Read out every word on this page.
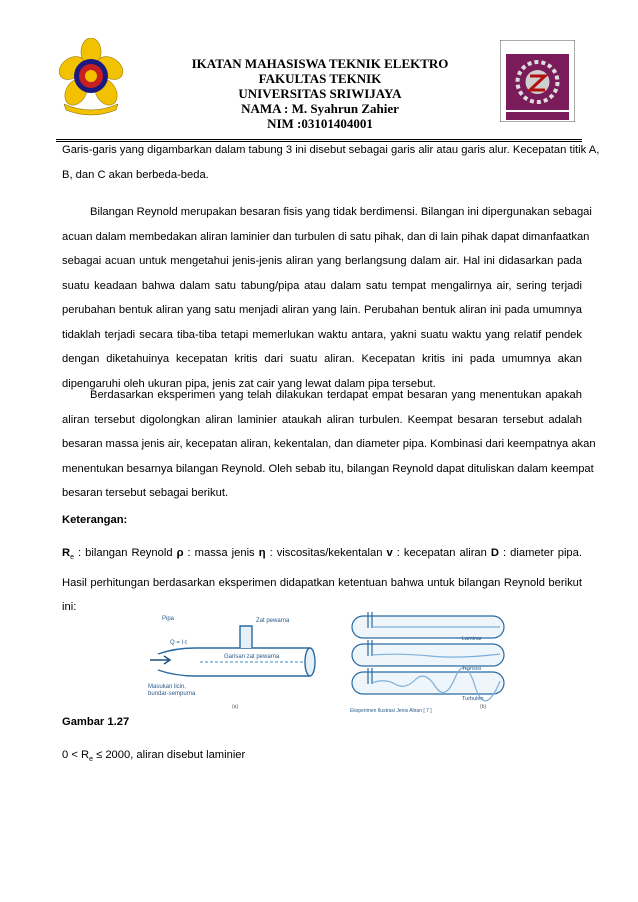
IKATAN MAHASISWA TEKNIK ELEKTRO
FAKULTAS TEKNIK
UNIVERSITAS SRIWIJAYA
NAMA : M. Syahrun Zahier
NIM :03101404001
Garis-garis yang digambarkan dalam tabung 3 ini disebut sebagai garis alir atau garis alur. Kecepatan titik A,
B, dan C akan berbeda-beda.
Bilangan Reynold merupakan besaran fisis yang tidak berdimensi. Bilangan ini dipergunakan sebagai
acuan dalam membedakan aliran laminier dan turbulen di satu pihak, dan di lain pihak dapat dimanfaatkan
sebagai acuan untuk mengetahui jenis-jenis aliran yang berlangsung dalam air. Hal ini didasarkan pada
suatu keadaan bahwa dalam satu tabung/pipa atau dalam satu tempat mengalirnya air, sering terjadi
perubahan bentuk aliran yang satu menjadi aliran yang lain. Perubahan bentuk aliran ini pada umumnya
tidaklah terjadi secara tiba-tiba tetapi memerlukan waktu antara, yakni suatu waktu yang relatif pendek
dengan diketahuinya kecepatan kritis dari suatu aliran. Kecepatan kritis ini pada umumnya akan
dipengaruhi oleh ukuran pipa, jenis zat cair yang lewat dalam pipa tersebut.
Berdasarkan eksperimen yang telah dilakukan terdapat empat besaran yang menentukan apakah
aliran tersebut digolongkan aliran laminier ataukah aliran turbulen. Keempat besaran tersebut adalah
besaran massa jenis air, kecepatan aliran, kekentalan, dan diameter pipa. Kombinasi dari keempatnya akan
menentukan besarnya bilangan Reynold. Oleh sebab itu, bilangan Reynold dapat dituliskan dalam keempat
besaran tersebut sebagai berikut.
Keterangan:
$R_e$ : bilangan Reynold ρ : massa jenis η : viscositas/kekentalan v : kecepatan aliran D : diameter pipa.
Hasil perhitungan berdasarkan eksperimen didapatkan ketentuan bahwa untuk bilangan Reynold berikut
ini:
Pipa	Zat pewarna
Q = I·t
Garisan zat pewarna
Masukan licin,
bundar-sempurna
(a)
Laminar
Transisi
Turbulen
(b)
Eksperimen Ilustrasi Jenis Aliran [ 7 ]
Gambar 1.27
$0 < R_e \le 2000$, aliran disebut laminier
